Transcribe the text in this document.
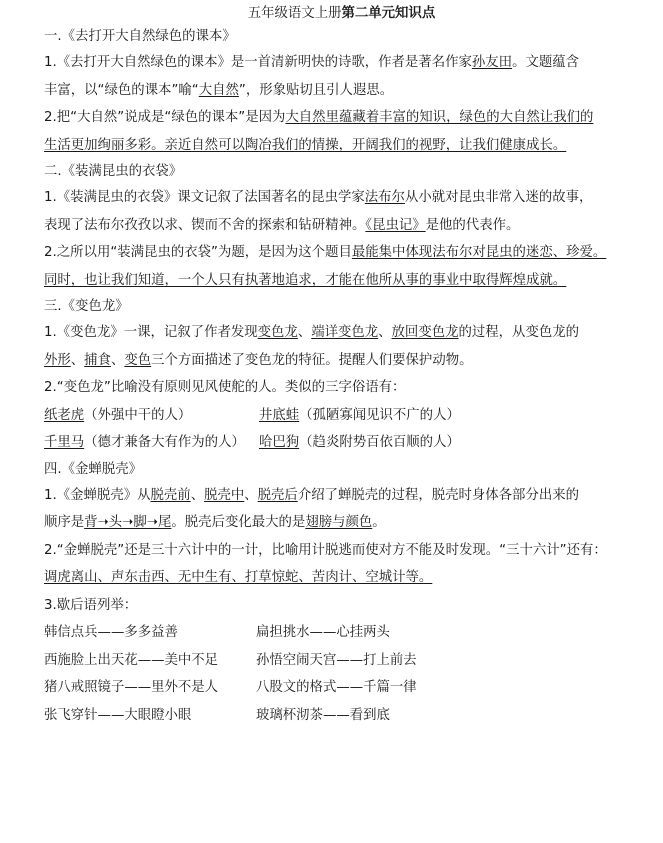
五年级语文上册第二单元知识点
一.《去打开大自然绿色的课本》
1.《去打开大自然绿色的课本》是一首清新明快的诗歌，作者是著名作家孙友田。文题蕴含
丰富，以“绿色的课本”喻“大自然”，形象贴切且引人遐思。
2.把“大自然”说成是“绿色的课本”是因为大自然里蕴藏着丰富的知识，绿色的大自然让我们的
生活更加绚丽多彩。亲近自然可以陶冶我们的情操，开阔我们的视野，让我们健康成长。
二.《装满昆虫的衣袋》
1.《装满昆虫的衣袋》课文记叙了法国著名的昆虫学家法布尔从小就对昆虫非常入迷的故事，
表现了法布尔孜孜以求、锲而不舍的探索和钻研精神。《昆虫记》是他的代表作。
2.之所以用“装满昆虫的衣袋”为题，是因为这个题目最能集中体现法布尔对昆虫的迷恋、珍爱。
同时，也让我们知道，一个人只有执著地追求，才能在他所从事的事业中取得辉煌成就。
三.《变色龙》
1.《变色龙》一课，记叙了作者发现变色龙、端详变色龙、放回变色龙的过程，从变色龙的
外形、捕食、变色三个方面描述了变色龙的特征。提醒人们要保护动物。
2.“变色龙”比喻没有原则见风使舵的人。类似的三字俗语有：
纸老虎（外强中干的人）	井底蛙（孤陋寡闻见识不广的人）
千里马（德才兼备大有作为的人）	哈巴狗（趋炎附势百依百顺的人）
四.《金蝉脱壳》
1.《金蝉脱壳》从脱壳前、脱壳中、脱壳后介绍了蝉脱壳的过程，脱壳时身体各部分出来的
顺序是背➝头➝脚➝尾。脱壳后变化最大的是翅膀与颜色。
2.“金蝉脱壳”还是三十六计中的一计，比喻用计脱逃而使对方不能及时发现。“三十六计”还有：
调虎离山、声东击西、无中生有、打草惊蛇、苦肉计、空城计等。
3.歇后语列举：
韩信点兵——多多益善	扁担挑水——心挂两头
西施脸上出天花——美中不足	孙悟空闹天宫——打上前去
猪八戒照镜子——里外不是人	八股文的格式——千篇一律
张飞穿针——大眼瞪小眼	玻璃杯沏茶——看到底
